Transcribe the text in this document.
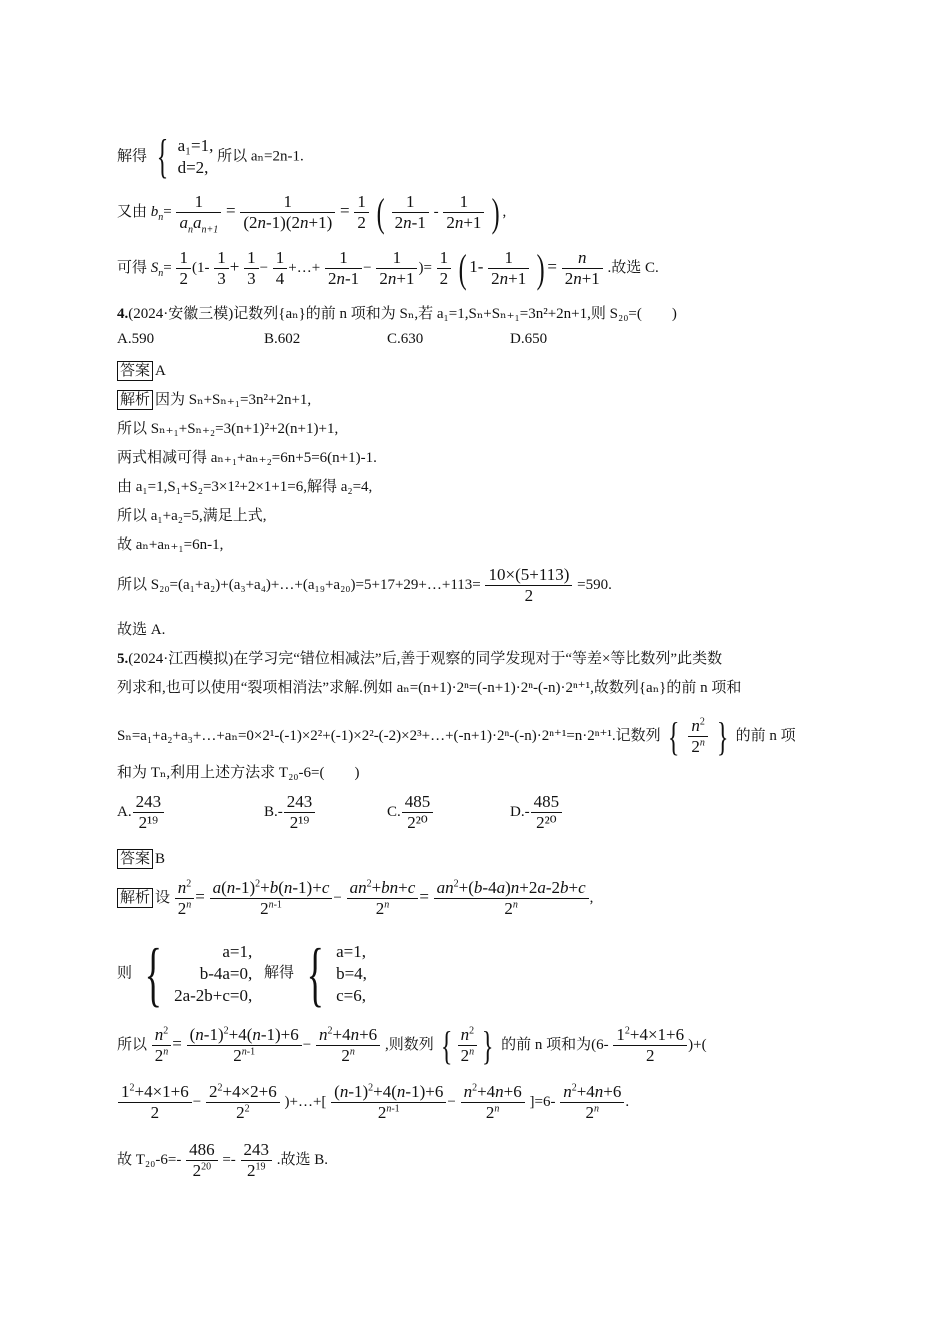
解得 { a₁=1,
d=2,
所以 aₙ=2n-1.
又由 $b_n= \frac{1}{a_na_{n+1}} = \frac{1}{(2n-1)(2n+1)} = \frac{1}{2}$ ( $\frac{1}{2n-1} - \frac{1}{2n+1}$ ) ,
可得 $S_n= \frac{1}{2} (1- \frac{1}{3} + \frac{1}{3} - \frac{1}{4}$ +…+ $\frac{1}{2n-1} - \frac{1}{2n+1}$ )= $\frac{1}{2}$ ( $1- \frac{1}{2n+1}$ ) = $\frac{n}{2n+1}$ .故选 C.
4.(2024·安徽三模)记数列{aₙ}的前 n 项和为 Sₙ,若 a₁=1,Sₙ+Sₙ₊₁=3n²+2n+1,则 S₂₀=(　　)
A.590	B.602	C.630	D.650
答案 A
解析 因为 Sₙ+Sₙ₊₁=3n²+2n+1,
所以 Sₙ₊₁+Sₙ₊₂=3(n+1)²+2(n+1)+1,
两式相减可得 aₙ₊₁+aₙ₊₂=6n+5=6(n+1)-1.
由 a₁=1,S₁+S₂=3×1²+2×1+1=6,解得 a₂=4,
所以 a₁+a₂=5,满足上式,
故 aₙ+aₙ₊₁=6n-1,
所以 S₂₀=(a₁+a₂)+(a₃+a₄)+…+(a₁₉+a₂₀)=5+17+29+…+113= $\frac{10\times(5+113)}{2} =590$.
故选 A.
5.(2024·江西模拟)在学习完“错位相减法”后,善于观察的同学发现对于“等差×等比数列”此类数
列求和,也可以使用“裂项相消法”求解.例如 aₙ=(n+1)·2ⁿ=(-n+1)·2ⁿ-(-n)·2ⁿ⁺¹,故数列{aₙ}的前 n 项和
Sₙ=a₁+a₂+a₃+…+aₙ=0×2¹-(-1)×2²+(-1)×2²-(-2)×2³+…+(-n+1)·2ⁿ-(-n)·2ⁿ⁺¹=n·2ⁿ⁺¹.记数列 { $\frac{n^2}{2^n}$ } 的前 n 项
和为 Tₙ,利用上述方法求 T₂₀-6=(　　)
A. $\frac{243}{\text{2¹⁹}}$	$B.- \frac{243}{\text{2¹⁹}}$	C. $\frac{485}{\text{2²⁰}}$	$D.- \frac{485}{\text{2²⁰}}$
答案 B
解析 设 $\frac{n^2}{2^n} = \frac{a(n-1)^2+b(n-1)+c}{2^{n-1}} - \frac{an^2+bn+c}{2^n} = \frac{an^2+(b-4a)n+2a-2b+c}{2^n}$ ,
则 {	a=1,
b-4a=0,
2a-2b+c=0,
解得 { a=1,
b=4,
c=6,
所以 $\frac{n^2}{2^n} = \frac{(n-1)^2+4(n-1)+6}{2^{n-1}} - \frac{n^2+4n+6}{2^n}$ ,则数列 { $\frac{n^2}{2^n}$ } 的前 n 项和为($6- \frac{1^2+4\times 1+6}{2}$ )+(
$\frac{1^2+4\times 1+6}{2} - \frac{2^2+4\times 2+6}{2^2}$ )+…+[ $\frac{(n-1)^2+4(n-1)+6}{2^{n-1}} - \frac{n^2+4n+6}{2^n} ]=6- \frac{n^2+4n+6}{2^n}$ .
故 $T_{20}-6=- \frac{486}{2^{20}} =- \frac{243}{2^{19}}$ .故选 B.
